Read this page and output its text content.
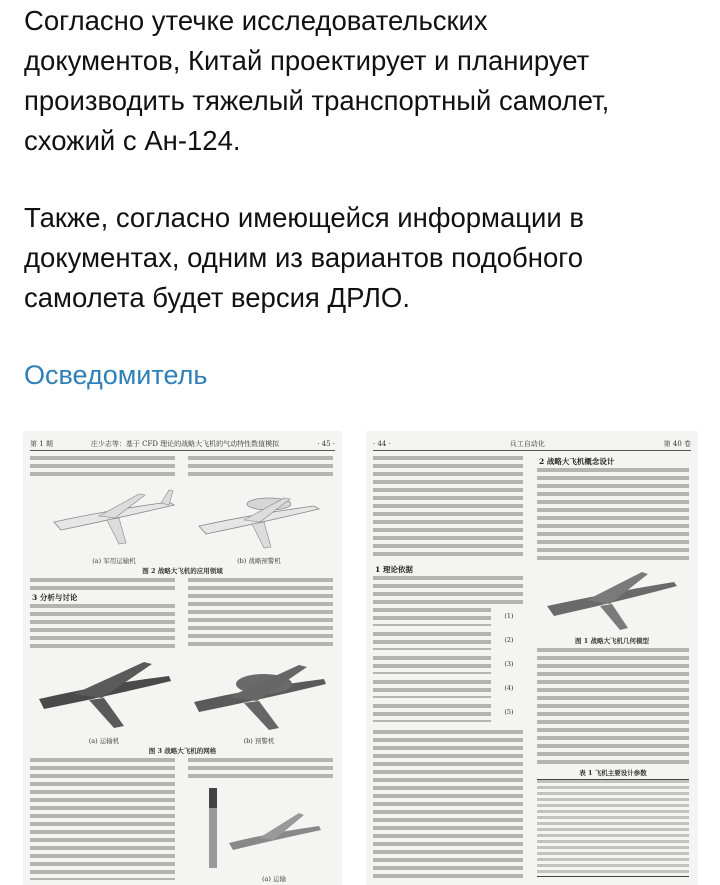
Согласно утечке исследовательских
документов, Китай проектирует и планирует
производить тяжелый транспортный самолет,
схожий с Ан-124.
Также, согласно имеющейся информации в
документах, одним из вариантов подобного
самолета будет версия ДРЛО.
Осведомитель
第 1 期	庄少志等：基于 CFD 理论的战略大飞机的气动特性数值模拟	· 45 ·
(a) 军用运输机	(b) 战略预警机
图 2 战略大飞机的应用领域
3 分析与讨论
(a) 运输机	(b) 预警机
图 3 战略大飞机的网格
(a) 运输
· 44 ·	兵工自动化	第 40 卷
2 战略大飞机概念设计
1 理论依据
图 1 战略大飞机几何模型
(1)
(2)
(3)
(4)
(5)
表 1 飞机主要设计参数
